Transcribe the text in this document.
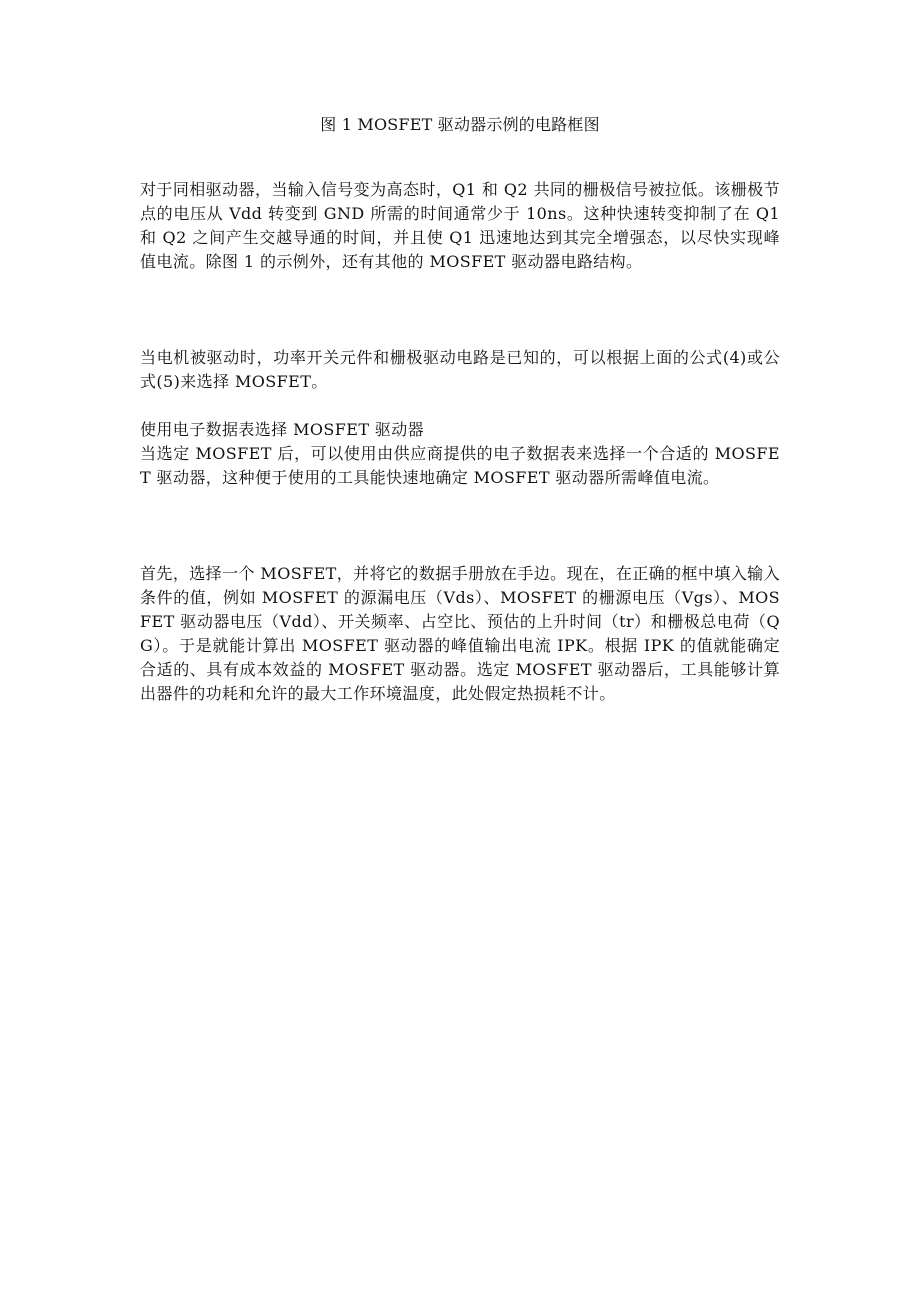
图 1 MOSFET 驱动器示例的电路框图

对于同相驱动器，当输入信号变为高态时，Q1 和 Q2 共同的栅极信号被拉低。该栅极节点的电压从 Vdd 转变到 GND 所需的时间通常少于 10ns。这种快速转变抑制了在 Q1 和 Q2 之间产生交越导通的时间，并且使 Q1 迅速地达到其完全增强态，以尽快实现峰值电流。除图 1 的示例外，还有其他的 MOSFET 驱动器电路结构。

当电机被驱动时，功率开关元件和栅极驱动电路是已知的，可以根据上面的公式(4)或公式(5)来选择 MOSFET。

使用电子数据表选择 MOSFET 驱动器

当选定 MOSFET 后，可以使用由供应商提供的电子数据表来选择一个合适的 MOSFET 驱动器，这种便于使用的工具能快速地确定 MOSFET 驱动器所需峰值电流。

首先，选择一个 MOSFET，并将它的数据手册放在手边。现在，在正确的框中填入输入条件的值，例如 MOSFET 的源漏电压（Vds）、MOSFET 的栅源电压（Vgs）、MOSFET 驱动器电压（Vdd）、开关频率、占空比、预估的上升时间（tr）和栅极总电荷（QG）。于是就能计算出 MOSFET 驱动器的峰值输出电流 IPK。根据 IPK 的值就能确定合适的、具有成本效益的 MOSFET 驱动器。选定 MOSFET 驱动器后，工具能够计算出器件的功耗和允许的最大工作环境温度，此处假定热损耗不计。
